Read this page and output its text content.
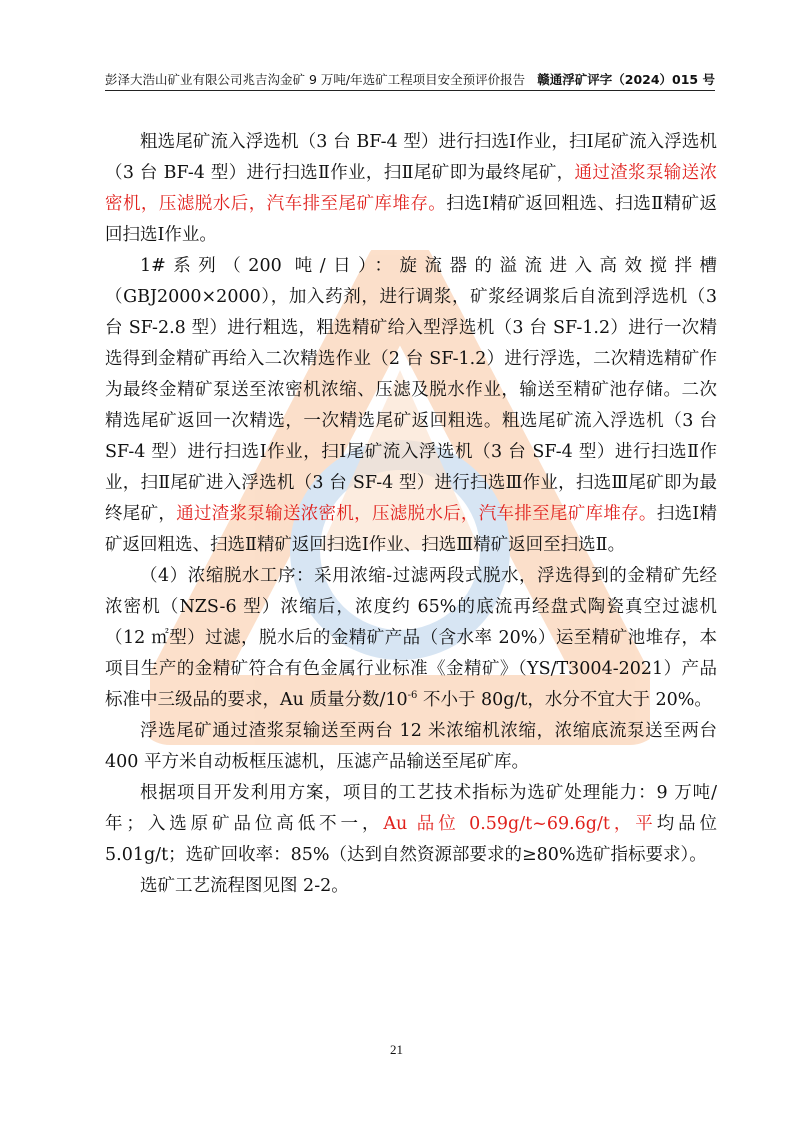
彭泽大浩山矿业有限公司兆吉沟金矿 9 万吨/年选矿工程项目安全预评价报告 赣通浮矿评字（2024）015 号

粗选尾矿流入浮选机（3 台 BF-4 型）进行扫选Ⅰ作业，扫Ⅰ尾矿流入浮选机（3 台 BF-4 型）进行扫选Ⅱ作业，扫Ⅱ尾矿即为最终尾矿，通过渣浆泵输送浓密机，压滤脱水后，汽车排至尾矿库堆存。扫选Ⅰ精矿返回粗选、扫选Ⅱ精矿返回扫选Ⅰ作业。

1#系列（200 吨/日）：旋流器的溢流进入高效搅拌槽（GBJ2000×2000），加入药剂，进行调浆，矿浆经调浆后自流到浮选机（3 台 SF-2.8 型）进行粗选，粗选精矿给入型浮选机（3 台 SF-1.2）进行一次精选得到金精矿再给入二次精选作业（2 台 SF-1.2）进行浮选，二次精选精矿作为最终金精矿泵送至浓密机浓缩、压滤及脱水作业，输送至精矿池存储。二次精选尾矿返回一次精选，一次精选尾矿返回粗选。粗选尾矿流入浮选机（3 台 SF-4 型）进行扫选Ⅰ作业，扫Ⅰ尾矿流入浮选机（3 台 SF-4 型）进行扫选Ⅱ作业，扫Ⅱ尾矿进入浮选机（3 台 SF-4 型）进行扫选Ⅲ作业，扫选Ⅲ尾矿即为最终尾矿，通过渣浆泵输送浓密机，压滤脱水后，汽车排至尾矿库堆存。扫选Ⅰ精矿返回粗选、扫选Ⅱ精矿返回扫选Ⅰ作业、扫选Ⅲ精矿返回至扫选Ⅱ。

（4）浓缩脱水工序：采用浓缩-过滤两段式脱水，浮选得到的金精矿先经浓密机（NZS-6 型）浓缩后，浓度约 65%的底流再经盘式陶瓷真空过滤机（12 ㎡型）过滤，脱水后的金精矿产品（含水率 20%）运至精矿池堆存，本项目生产的金精矿符合有色金属行业标准《金精矿》（YS/T3004-2021）产品标准中三级品的要求，Au 质量分数$/10^{-6}$ 不小于 80g/t，水分不宜大于 20%。

浮选尾矿通过渣浆泵输送至两台 12 米浓缩机浓缩，浓缩底流泵送至两台 400 平方米自动板框压滤机，压滤产品输送至尾矿库。

根据项目开发利用方案，项目的工艺技术指标为选矿处理能力：9 万吨/年；入选原矿品位高低不一，Au 品位 0.59g/t~69.6g/t，平均品位 5.01g/t；选矿回收率：85%（达到自然资源部要求的≥80%选矿指标要求）。

选矿工艺流程图见图 2-2。

21
